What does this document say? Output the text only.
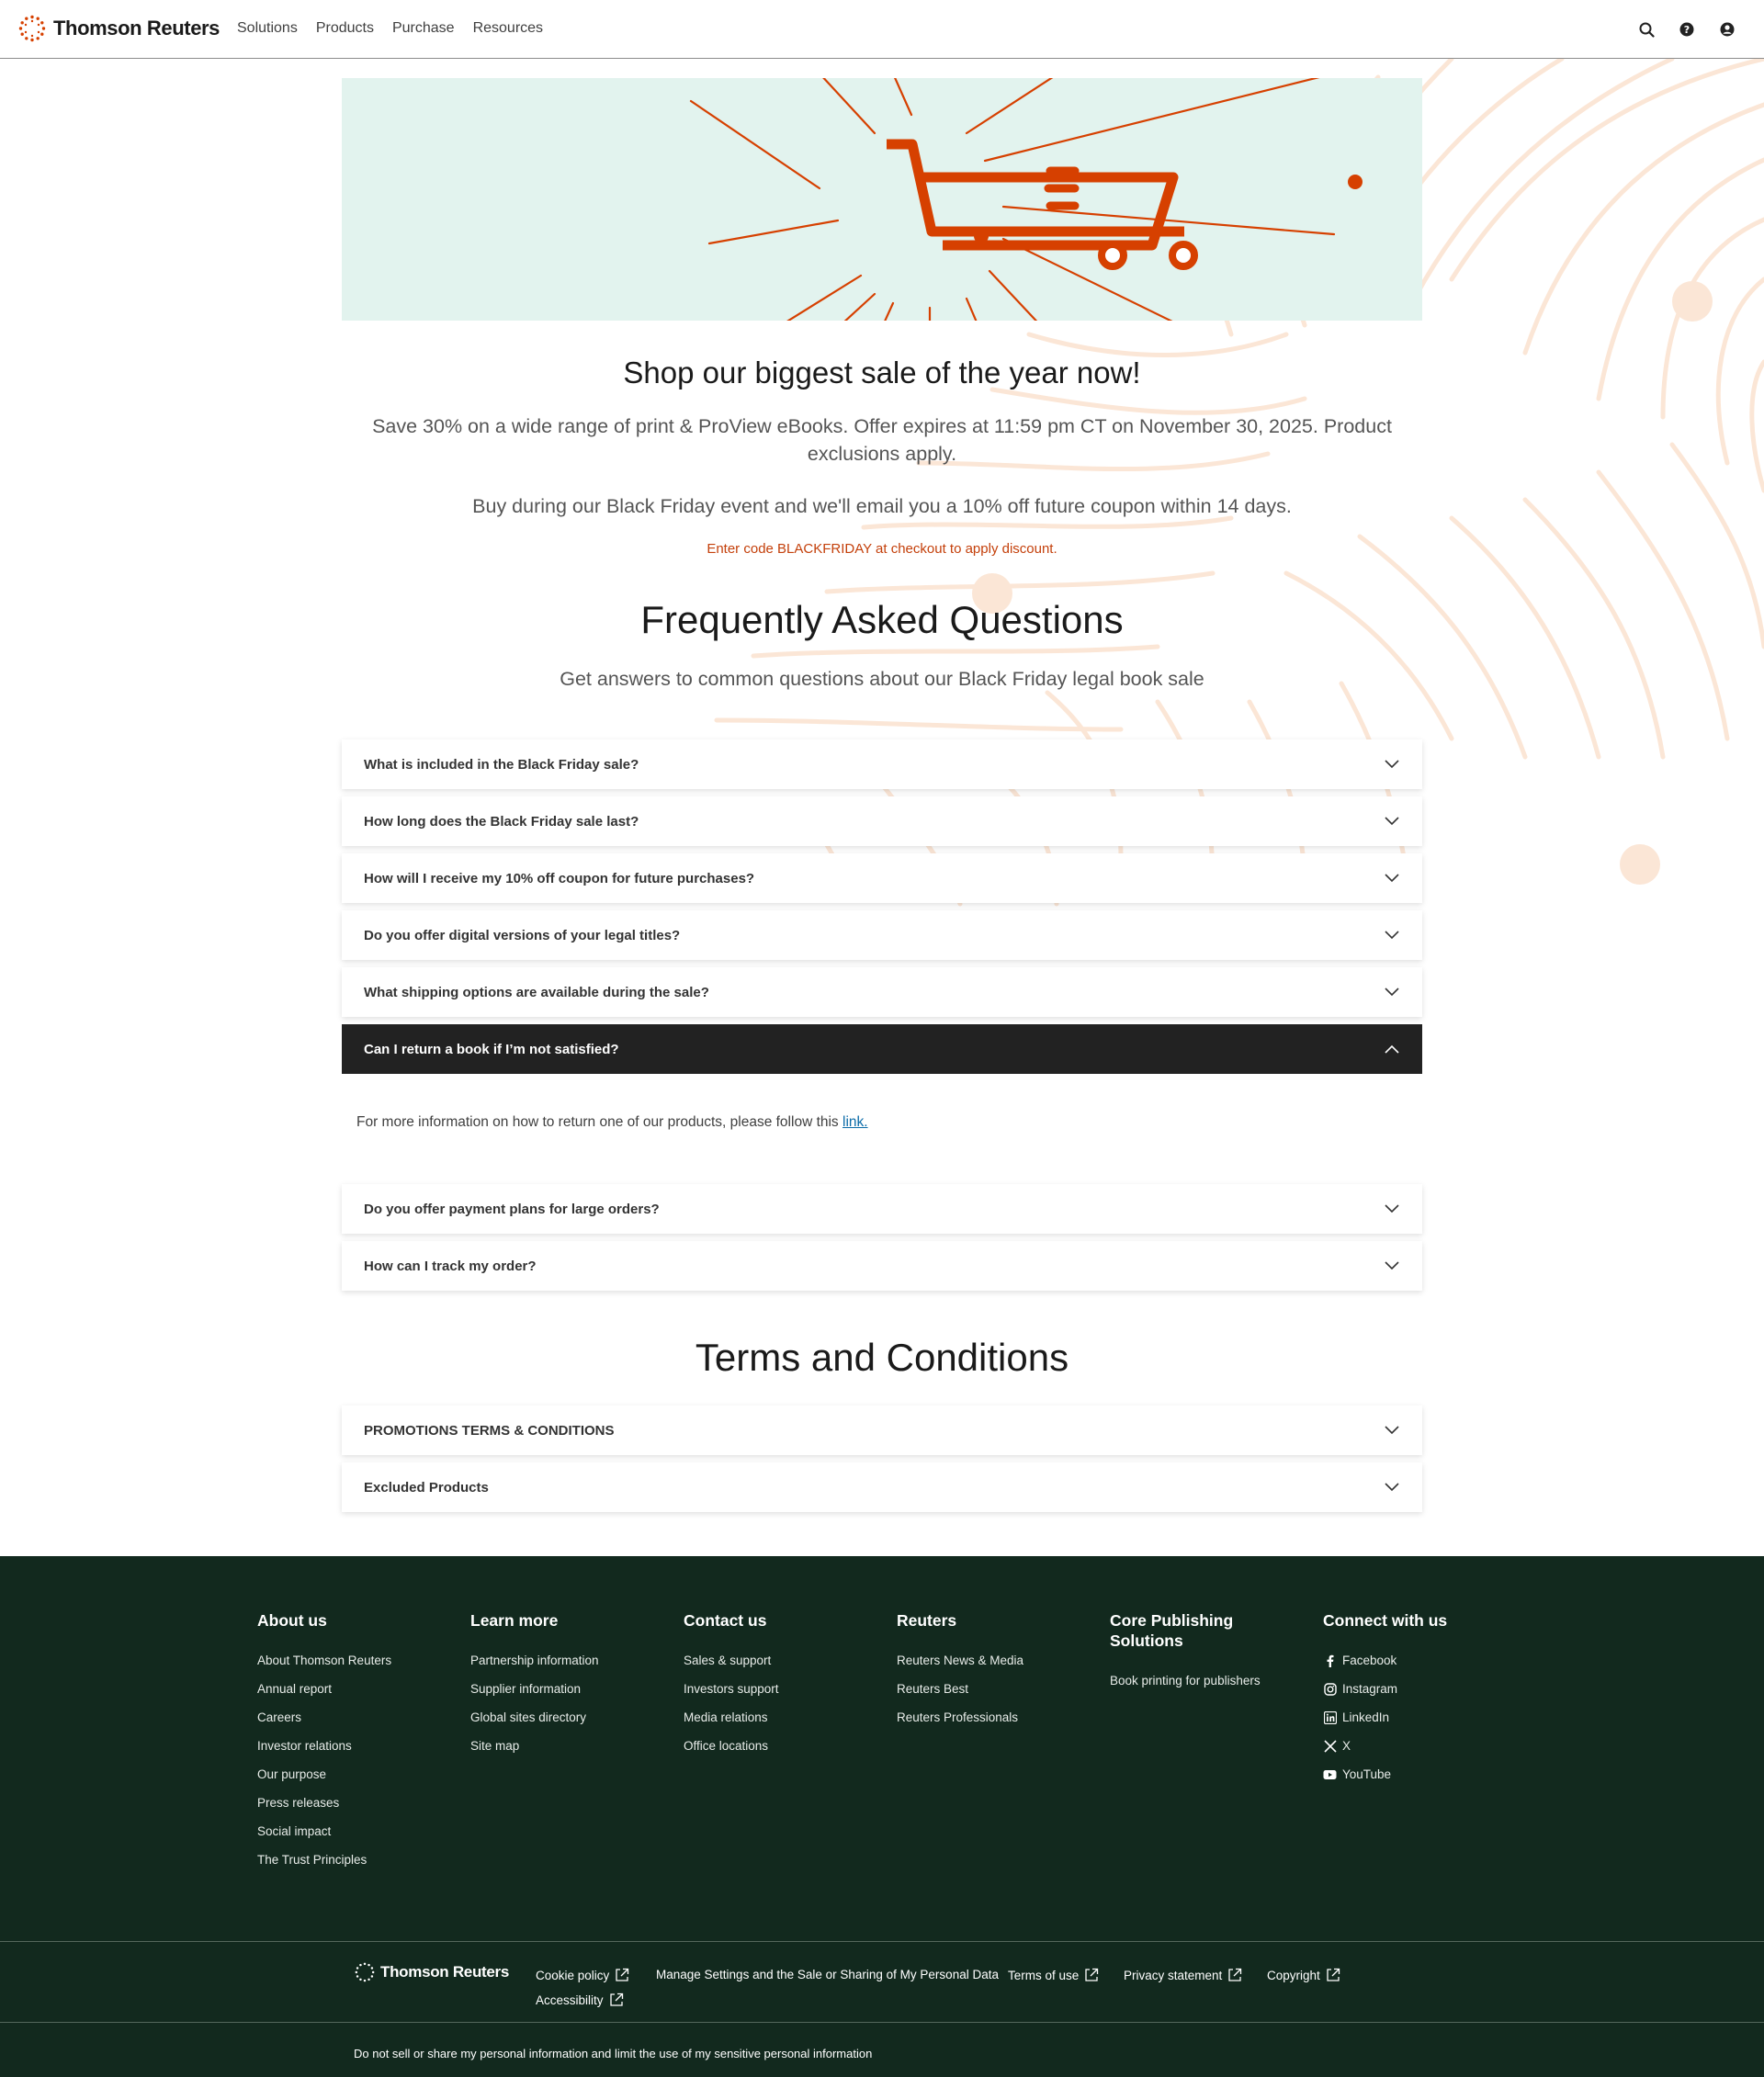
Thomson Reuters Solutions Products Purchase Resources	?
Shop our biggest sale of the year now!
Save 30% on a wide range of print & ProView eBooks. Offer expires at 11:59 pm CT on November 30, 2025. Product exclusions apply.
Buy during our Black Friday event and we'll email you a 10% off future coupon within 14 days.
Enter code BLACKFRIDAY at checkout to apply discount.
Frequently Asked Questions
Get answers to common questions about our Black Friday legal book sale
What is included in the Black Friday sale?
How long does the Black Friday sale last?
How will I receive my 10% off coupon for future purchases?
Do you offer digital versions of your legal titles?
What shipping options are available during the sale?
Can I return a book if I’m not satisfied?
For more information on how to return one of our products, please follow this link.
Do you offer payment plans for large orders?
How can I track my order?
Terms and Conditions
PROMOTIONS TERMS & CONDITIONS
Excluded Products
About us
About Thomson Reuters
Annual report
Careers
Investor relations
Our purpose
Press releases
Social impact
The Trust Principles
Learn more
Partnership information
Supplier information
Global sites directory
Site map
Contact us
Sales & support
Investors support
Media relations
Office locations
Reuters
Reuters News & Media
Reuters Best
Reuters Professionals
Core Publishing Solutions
Book printing for publishers
Connect with us
Facebook
Instagram
LinkedIn
X
YouTube
Thomson Reuters Cookie policy	Manage Settings and the Sale or Sharing of My Personal Data Terms of use	Privacy statement	Copyright
Accessibility
Do not sell or share my personal information and limit the use of my sensitive personal information
